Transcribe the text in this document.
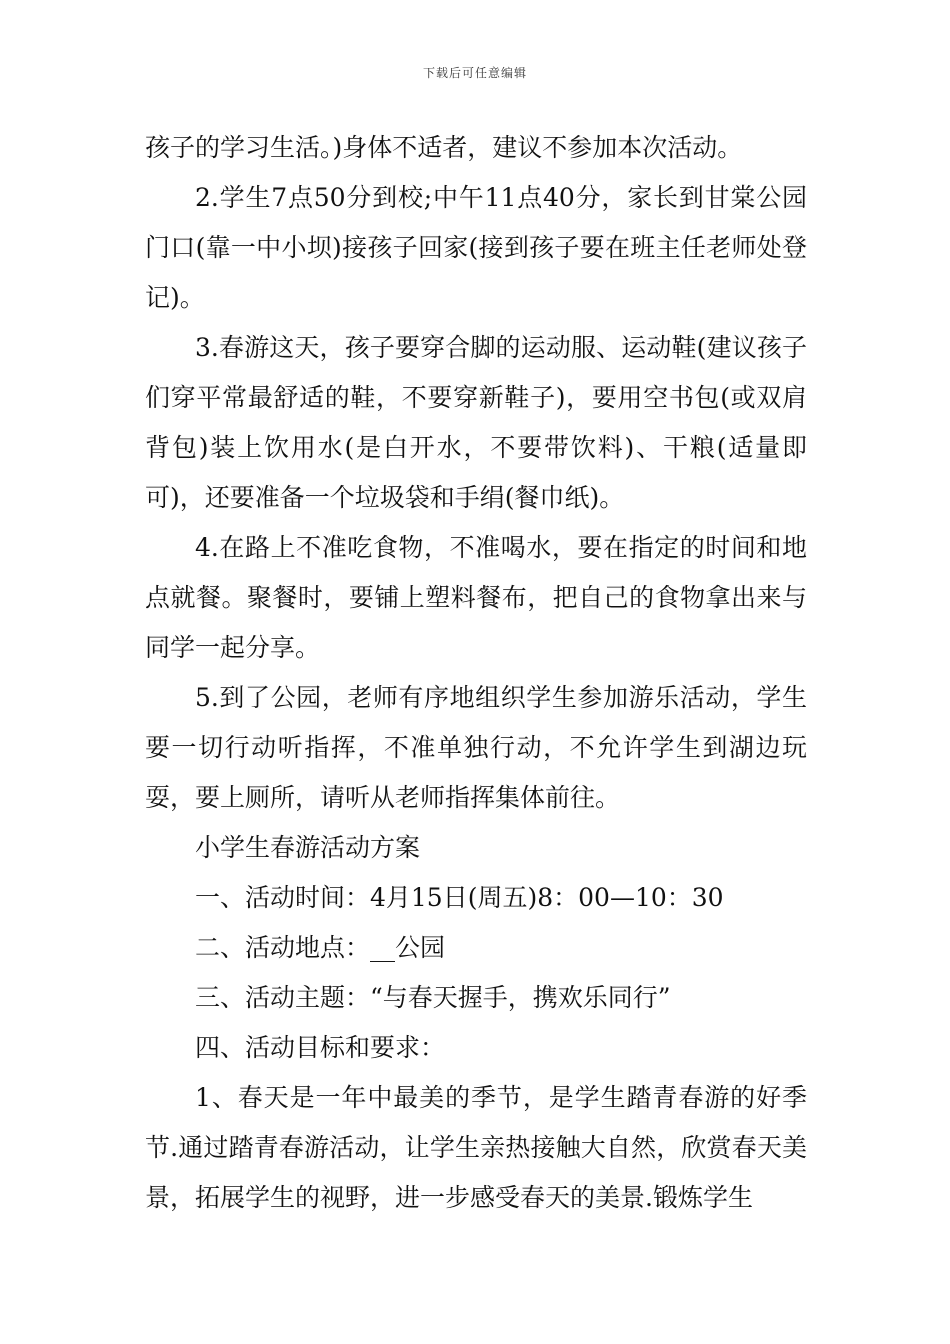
下载后可任意编辑

孩子的学习生活。)身体不适者，建议不参加本次活动。

2.学生7点50分到校;中午11点40分，家长到甘棠公园门口(靠一中小坝)接孩子回家(接到孩子要在班主任老师处登记)。

3.春游这天，孩子要穿合脚的运动服、运动鞋(建议孩子们穿平常最舒适的鞋，不要穿新鞋子)，要用空书包(或双肩背包)装上饮用水(是白开水，不要带饮料)、干粮(适量即可)，还要准备一个垃圾袋和手绢(餐巾纸)。

4.在路上不准吃食物，不准喝水，要在指定的时间和地点就餐。聚餐时，要铺上塑料餐布，把自己的食物拿出来与同学一起分享。

5.到了公园，老师有序地组织学生参加游乐活动，学生要一切行动听指挥，不准单独行动，不允许学生到湖边玩耍，要上厕所，请听从老师指挥集体前往。

小学生春游活动方案

一、活动时间：4月15日(周五)8：00—10：30

二、活动地点：__公园

三、活动主题：“与春天握手，携欢乐同行”

四、活动目标和要求：

1、春天是一年中最美的季节，是学生踏青春游的好季节.通过踏青春游活动，让学生亲热接触大自然，欣赏春天美景，拓展学生的视野，进一步感受春天的美景.锻炼学生
